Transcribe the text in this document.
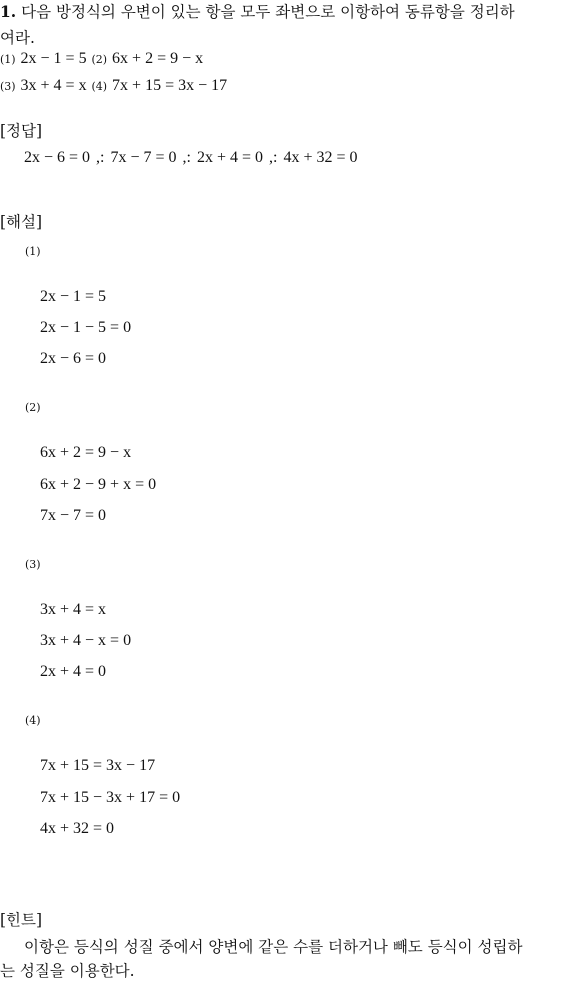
1. 다음 방정식의 우변이 있는 항을 모두 좌변으로 이항하여 동류항을 정리하
여라.
(1) 2x − 1 = 5 (2) 6x + 2 = 9 − x
(3) 3x + 4 = x (4) 7x + 15 = 3x − 17
[정답]
2x − 6 = 0 ,: 7x − 7 = 0 ,: 2x + 4 = 0 ,: 4x + 32 = 0
[해설]
(1)
2x − 1 = 5
2x − 1 − 5 = 0
2x − 6 = 0
(2)
6x + 2 = 9 − x
6x + 2 − 9 + x = 0
7x − 7 = 0
(3)
3x + 4 = x
3x + 4 − x = 0
2x + 4 = 0
(4)
7x + 15 = 3x − 17
7x + 15 − 3x + 17 = 0
4x + 32 = 0
[힌트]
이항은 등식의 성질 중에서 양변에 같은 수를 더하거나 빼도 등식이 성립하
는 성질을 이용한다.
